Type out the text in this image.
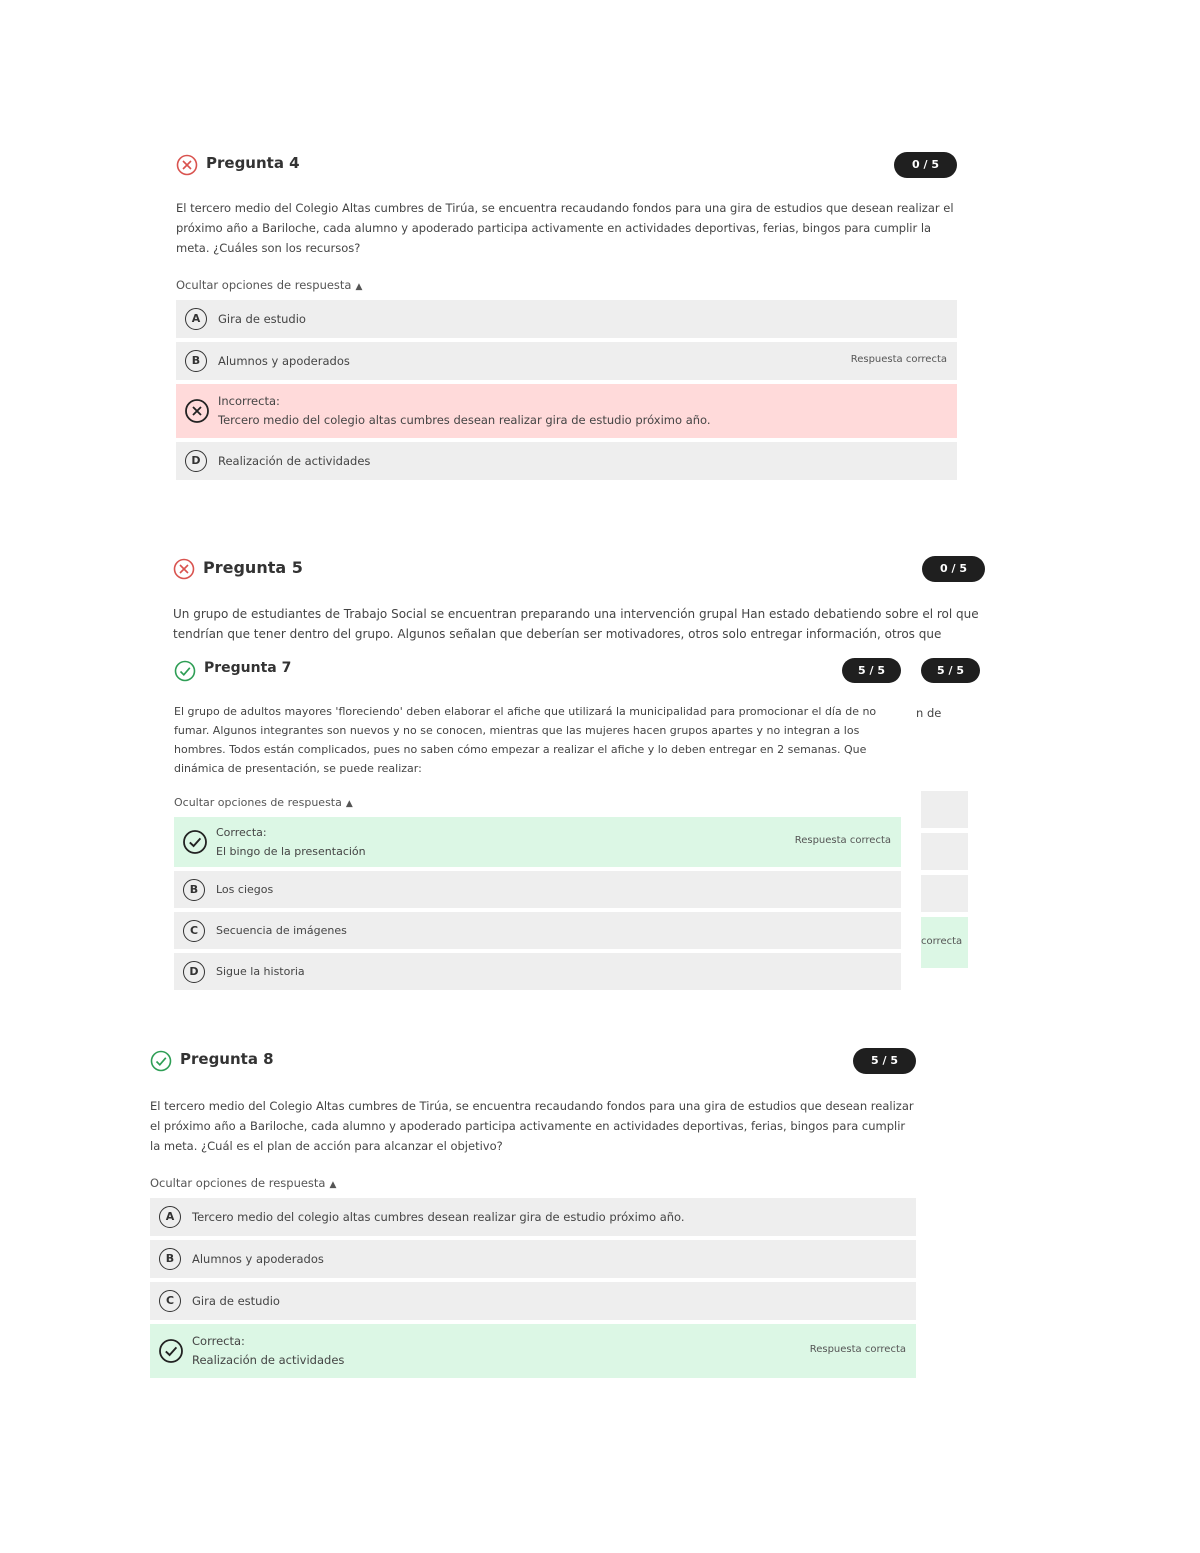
Pregunta 4	0 / 5
El tercero medio del Colegio Altas cumbres de Tirúa, se encuentra recaudando fondos para una gira de estudios que desean realizar el próximo año a Bariloche, cada alumno y apoderado participa activamente en actividades deportivas, ferias, bingos para cumplir la meta. ¿Cuáles son los recursos?
Ocultar opciones de respuesta ▲
A	Gira de estudio
B	Alumnos y apoderados	Respuesta correcta
Incorrecta:
Tercero medio del colegio altas cumbres desean realizar gira de estudio próximo año.
D	Realización de actividades
Pregunta 5	0 / 5
Un grupo de estudiantes de Trabajo Social se encuentran preparando una intervención grupal Han estado debatiendo sobre el rol que tendrían que tener dentro del grupo. Algunos señalan que deberían ser motivadores, otros solo entregar información, otros que
5 / 5
n de
correcta
Pregunta 7	5 / 5
El grupo de adultos mayores 'floreciendo' deben elaborar el afiche que utilizará la municipalidad para promocionar el día de no fumar. Algunos integrantes son nuevos y no se conocen, mientras que las mujeres hacen grupos apartes y no integran a los hombres. Todos están complicados, pues no saben cómo empezar a realizar el afiche y lo deben entregar en 2 semanas. Que dinámica de presentación, se puede realizar:
Ocultar opciones de respuesta ▲
Correcta:
El bingo de la presentación
Respuesta correcta
B	Los ciegos
C	Secuencia de imágenes
D	Sigue la historia
Pregunta 8	5 / 5
El tercero medio del Colegio Altas cumbres de Tirúa, se encuentra recaudando fondos para una gira de estudios que desean realizar el próximo año a Bariloche, cada alumno y apoderado participa activamente en actividades deportivas, ferias, bingos para cumplir la meta. ¿Cuál es el plan de acción para alcanzar el objetivo?
Ocultar opciones de respuesta ▲
A	Tercero medio del colegio altas cumbres desean realizar gira de estudio próximo año.
B	Alumnos y apoderados
C	Gira de estudio
Correcta:
Realización de actividades
Respuesta correcta
